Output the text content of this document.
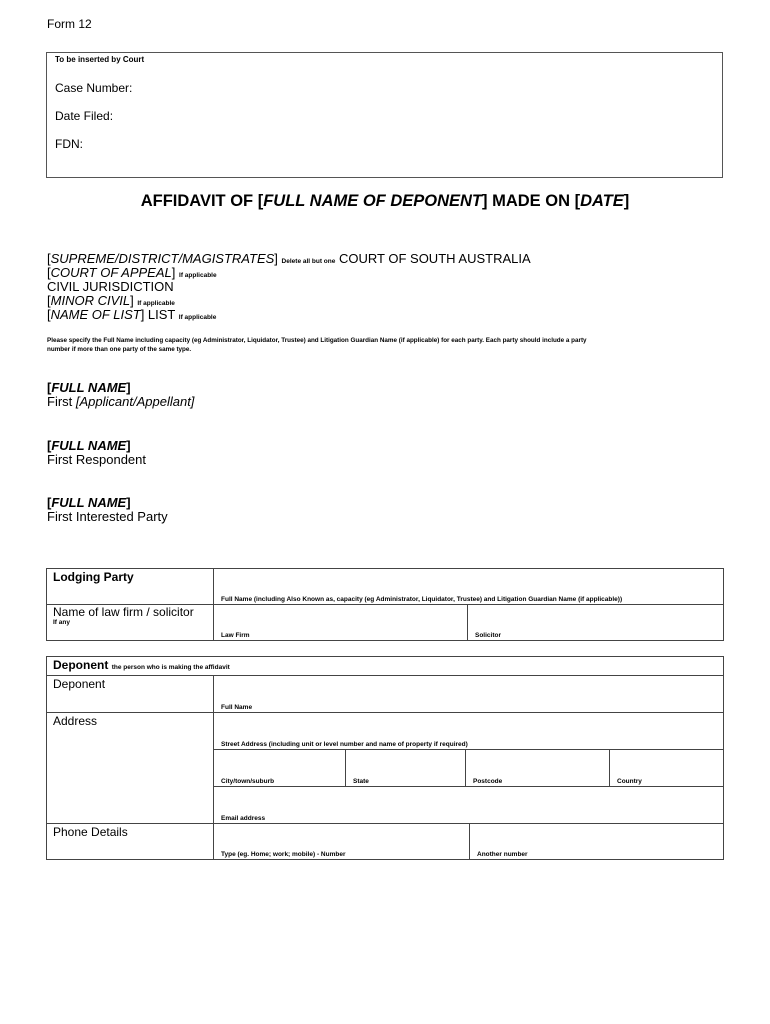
Form 12
To be inserted by Court
Case Number:
Date Filed:
FDN:
AFFIDAVIT OF [FULL NAME OF DEPONENT] MADE ON [DATE]
[SUPREME/DISTRICT/MAGISTRATES] Delete all but one COURT OF SOUTH AUSTRALIA
[COURT OF APPEAL] If applicable
CIVIL JURISDICTION
[MINOR CIVIL] If applicable
[NAME OF LIST] LIST If applicable
Please specify the Full Name including capacity (eg Administrator, Liquidator, Trustee) and Litigation Guardian Name (if applicable) for each party. Each party should include a party
number if more than one party of the same type.
[FULL NAME]
First [Applicant/Appellant]
[FULL NAME]
First Respondent
[FULL NAME]
First Interested Party
Lodging Party	Full Name (including Also Known as, capacity (eg Administrator, Liquidator, Trustee) and Litigation Guardian Name (if applicable))	

Name of law firm / solicitor
If any	Law Firm	Solicitor
Deponent the person who is making the affidavit					

Deponent	Full Name				

Address	Street Address (including unit or level number and name of property if required)				

	City/town/suburb	State	Postcode		Country

	Email address				

Phone Details	Type (eg. Home; work; mobile) - Number			Another number	
